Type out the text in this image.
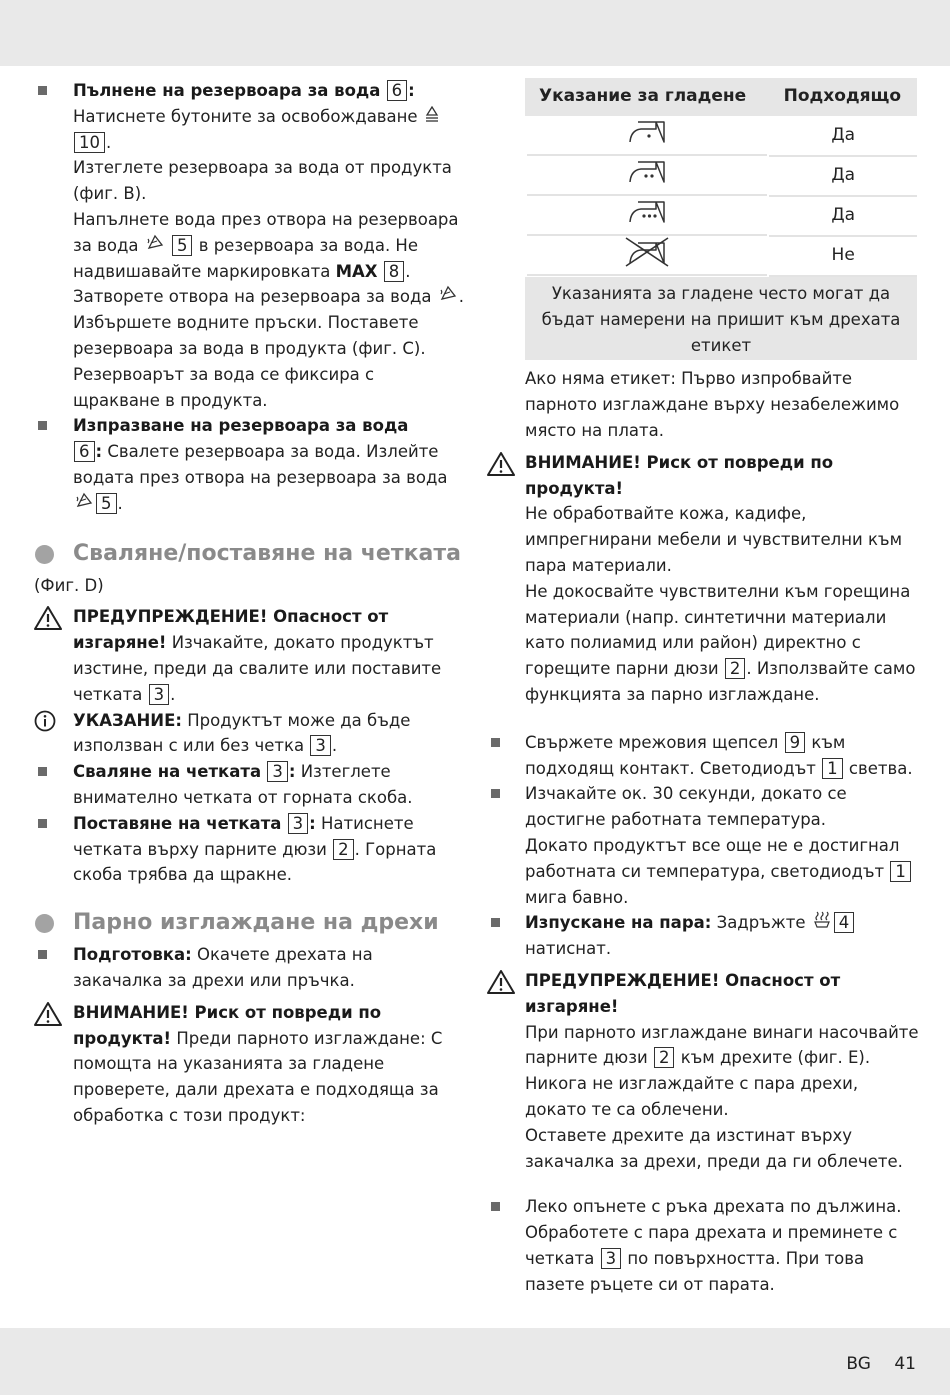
Пълнене на резервоара за вода 6 :
Натиснете бутоните за освобождаване 10 .
Изтеглете резервоара за вода от продукта (фиг. B).
Напълнете вода през отвора на резервоара за вода 5 в резервоара за вода. Не надвишавайте маркировката MAX 8 .
Затворете отвора на резервоара за вода .
Избършете водните пръски. Поставете резервоара за вода в продукта (фиг. C). Резервоарът за вода се фиксира с щракване в продукта.
Изпразване на резервоара за вода
6 : Свалете резервоара за вода. Излейте водата през отвора на резервоара за вода
5 .
Сваляне/поставяне на четката
(Фиг. D)
ПРЕДУПРЕЖДЕНИЕ! Опасност от изгаряне! Изчакайте, докато продуктът изстине, преди да свалите или поставите четката 3 .
УКАЗАНИЕ: Продуктът може да бъде използван с или без четка 3 .
Сваляне на четката 3 : Изтеглете внимателно четката от горната скоба.
Поставяне на четката 3 : Натиснете четката върху парните дюзи 2 . Горната скоба трябва да щракне.
Парно изглаждане на дрехи
Подготовка: Окачете дрехата на закачалка за дрехи или пръчка.
ВНИМАНИЕ! Риск от повреди по продукта! Преди парното изглаждане: С помощта на указанията за гладене проверете, дали дрехата е подходяща за обработка с този продукт:
Указание за гладене	Подходящо
Да
Да
Да
Не
Указанията за гладене често могат да бъдат намерени на пришит към дрехата етикет
Ако няма етикет: Първо изпробвайте парното изглаждане върху незабележимо място на плата.
ВНИМАНИЕ! Риск от повреди по продукта!
Не обработвайте кожа, кадифе, импрегнирани мебели и чувствителни към пара материали.
Не докосвайте чувствителни към горещина материали (напр. синтетични материали като полиамид или район) директно с горещите парни дюзи 2 . Използвайте само функцията за парно изглаждане.
Свържете мрежовия щепсел 9 към подходящ контакт. Светодиодът 1 светва.
Изчакайте ок. 30 секунди, докато се достигне работната температура.
Докато продуктът все още не е достигнал работната си температура, светодиодът 1 мига бавно.
Изпускане на пара: Задръжте 4
натиснат.
ПРЕДУПРЕЖДЕНИЕ! Опасност от изгаряне!
При парното изглаждане винаги насочвайте парните дюзи 2 към дрехите (фиг. E).
Никога не изглаждайте с пара дрехи, докато те са облечени.
Оставете дрехите да изстинат върху закачалка за дрехи, преди да ги облечете.
Леко опънете с ръка дрехата по дължина. Обработете с пара дрехата и преминете с четката 3 по повърхността. При това пазете ръцете си от парата.
BG 41
